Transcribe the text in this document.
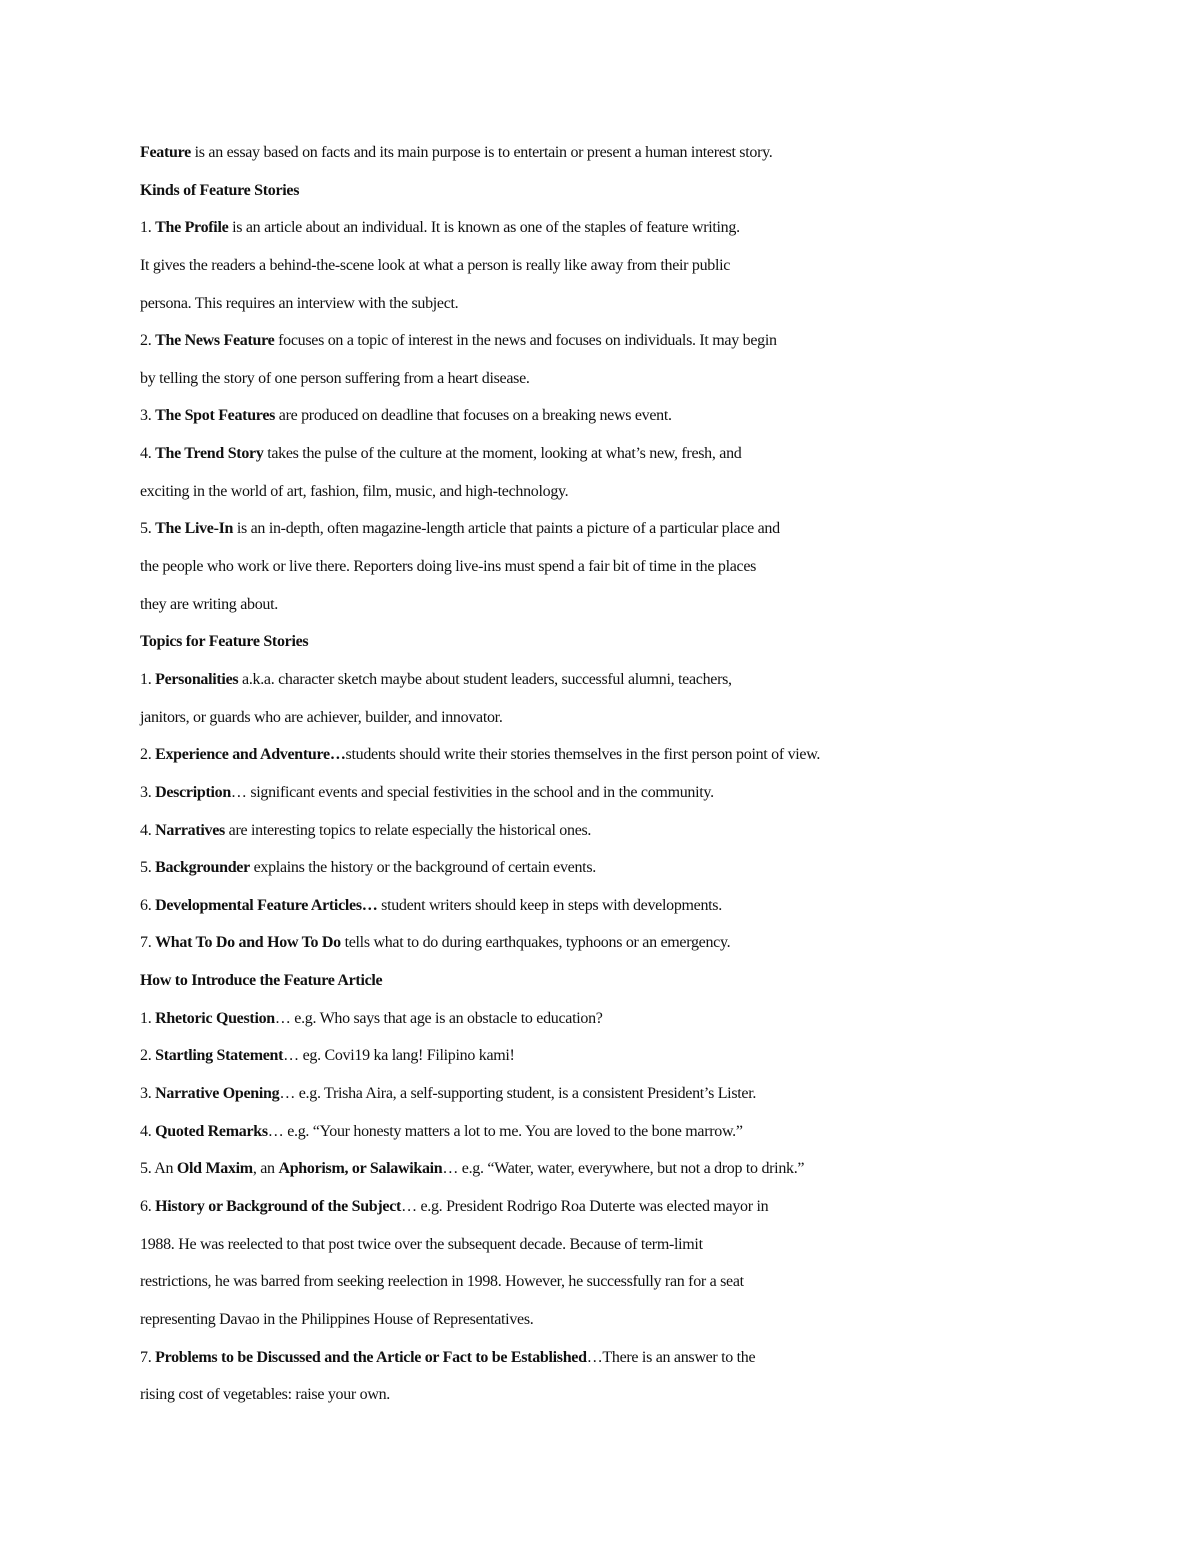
Feature is an essay based on facts and its main purpose is to entertain or present a human interest story.
Kinds of Feature Stories
1. The Profile is an article about an individual. It is known as one of the staples of feature writing.
It gives the readers a behind-the-scene look at what a person is really like away from their public
persona. This requires an interview with the subject.
2. The News Feature focuses on a topic of interest in the news and focuses on individuals. It may begin
by telling the story of one person suffering from a heart disease.
3. The Spot Features are produced on deadline that focuses on a breaking news event.
4. The Trend Story takes the pulse of the culture at the moment, looking at what’s new, fresh, and
exciting in the world of art, fashion, film, music, and high-technology.
5. The Live-In is an in-depth, often magazine-length article that paints a picture of a particular place and
the people who work or live there. Reporters doing live-ins must spend a fair bit of time in the places
they are writing about.
Topics for Feature Stories
1. Personalities a.k.a. character sketch maybe about student leaders, successful alumni, teachers,
janitors, or guards who are achiever, builder, and innovator.
2. Experience and Adventure…students should write their stories themselves in the first person point of view.
3. Description… significant events and special festivities in the school and in the community.
4. Narratives are interesting topics to relate especially the historical ones.
5. Backgrounder explains the history or the background of certain events.
6. Developmental Feature Articles… student writers should keep in steps with developments.
7. What To Do and How To Do tells what to do during earthquakes, typhoons or an emergency.
How to Introduce the Feature Article
1. Rhetoric Question… e.g. Who says that age is an obstacle to education?
2. Startling Statement… eg. Covi19 ka lang! Filipino kami!
3. Narrative Opening… e.g. Trisha Aira, a self-supporting student, is a consistent President’s Lister.
4. Quoted Remarks… e.g. “Your honesty matters a lot to me. You are loved to the bone marrow.”
5. An Old Maxim, an Aphorism, or Salawikain… e.g. “Water, water, everywhere, but not a drop to drink.”
6. History or Background of the Subject… e.g. President Rodrigo Roa Duterte was elected mayor in
1988. He was reelected to that post twice over the subsequent decade. Because of term-limit
restrictions, he was barred from seeking reelection in 1998. However, he successfully ran for a seat
representing Davao in the Philippines House of Representatives.
7. Problems to be Discussed and the Article or Fact to be Established…There is an answer to the
rising cost of vegetables: raise your own.
